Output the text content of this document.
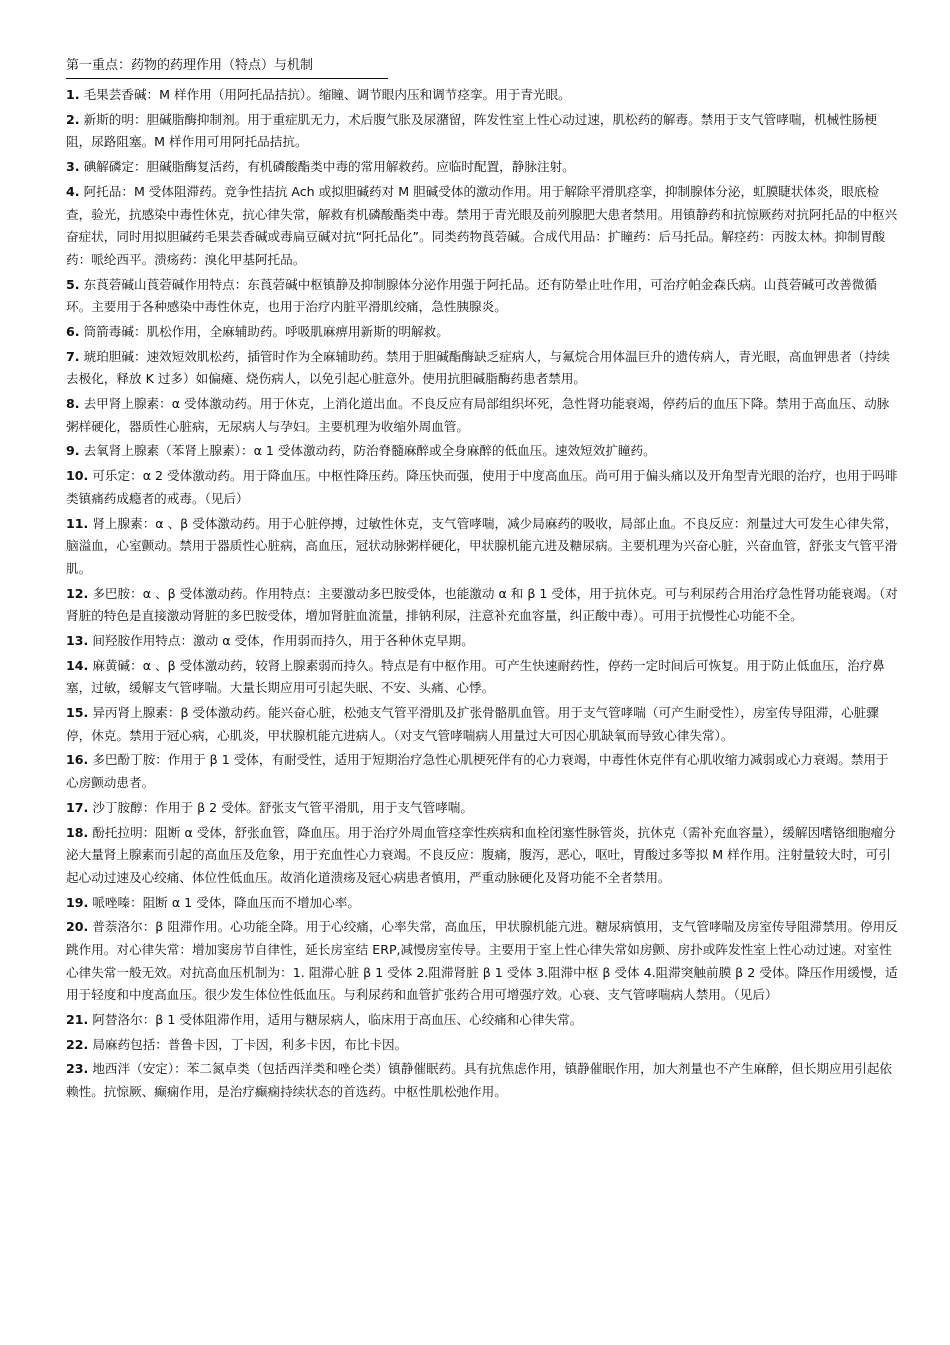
第一重点：药物的药理作用（特点）与机制
1. 毛果芸香碱：M 样作用（用阿托品拮抗）。缩瞳、调节眼内压和调节痉挛。用于青光眼。
2. 新斯的明：胆碱脂酶抑制剂。用于重症肌无力，术后腹气胀及尿潴留，阵发性室上性心动过速，肌松药的解毒。禁用于支气管哮喘，机械性肠梗阻，尿路阻塞。M 样作用可用阿托品拮抗。
3. 碘解磷定：胆碱脂酶复活药，有机磷酸酯类中毒的常用解救药。应临时配置，静脉注射。
4. 阿托品：M 受体阻滞药。竞争性拮抗 Ach 或拟胆碱药对 M 胆碱受体的激动作用。用于解除平滑肌痉挛，抑制腺体分泌，虹膜睫状体炎，眼底检查，验光，抗感染中毒性休克，抗心律失常，解救有机磷酸酯类中毒。禁用于青光眼及前列腺肥大患者禁用。用镇静药和抗惊厥药对抗阿托品的中枢兴奋症状，同时用拟胆碱药毛果芸香碱或毒扁豆碱对抗“阿托品化”。同类药物莨菪碱。合成代用品：扩瞳药：后马托品。解痉药：丙胺太林。抑制胃酸药：哌纶西平。溃疡药：溴化甲基阿托品。
5. 东莨菪碱山莨菪碱作用特点：东莨菪碱中枢镇静及抑制腺体分泌作用强于阿托品。还有防晕止吐作用，可治疗帕金森氏病。山莨菪碱可改善微循环。主要用于各种感染中毒性休克，也用于治疗内脏平滑肌绞痛，急性胰腺炎。
6. 筒箭毒碱：肌松作用，全麻辅助药。呼吸肌麻痹用新斯的明解救。
7. 琥珀胆碱：速效短效肌松药，插管时作为全麻辅助药。禁用于胆碱酯酶缺乏症病人，与氟烷合用体温巨升的遗传病人，青光眼，高血钾患者（持续去极化，释放 K 过多）如偏瘫、烧伤病人，以免引起心脏意外。使用抗胆碱脂酶药患者禁用。
8. 去甲肾上腺素：α 受体激动药。用于休克，上消化道出血。不良反应有局部组织坏死，急性肾功能衰竭，停药后的血压下降。禁用于高血压、动脉粥样硬化，器质性心脏病，无尿病人与孕妇。主要机理为收缩外周血管。
9. 去氧肾上腺素（苯肾上腺素）：α 1 受体激动药，防治脊髓麻醉或全身麻醉的低血压。速效短效扩瞳药。
10. 可乐定：α 2 受体激动药。用于降血压。中枢性降压药。降压快而强，使用于中度高血压。尚可用于偏头痛以及开角型青光眼的治疗，也用于吗啡类镇痛药成瘾者的戒毒。（见后）
11. 肾上腺素：α 、β 受体激动药。用于心脏停搏，过敏性休克，支气管哮喘，减少局麻药的吸收，局部止血。不良反应：剂量过大可发生心律失常，脑溢血，心室颤动。禁用于器质性心脏病，高血压，冠状动脉粥样硬化，甲状腺机能亢进及糖尿病。主要机理为兴奋心脏，兴奋血管，舒张支气管平滑肌。
12. 多巴胺：α 、β 受体激动药。作用特点：主要激动多巴胺受体，也能激动 α 和 β 1 受体，用于抗休克。可与利尿药合用治疗急性肾功能衰竭。（对肾脏的特色是直接激动肾脏的多巴胺受体，增加肾脏血流量，排钠利尿，注意补充血容量，纠正酸中毒）。可用于抗慢性心功能不全。
13. 间羟胺作用特点：激动 α 受体，作用弱而持久，用于各种休克早期。
14. 麻黄碱：α 、β 受体激动药，较肾上腺素弱而持久。特点是有中枢作用。可产生快速耐药性，停药一定时间后可恢复。用于防止低血压，治疗鼻塞，过敏，缓解支气管哮喘。大量长期应用可引起失眠、不安、头痛、心悸。
15. 异丙肾上腺素：β 受体激动药。能兴奋心脏，松弛支气管平滑肌及扩张骨骼肌血管。用于支气管哮喘（可产生耐受性），房室传导阻滞，心脏骤停，休克。禁用于冠心病，心肌炎，甲状腺机能亢进病人。（对支气管哮喘病人用量过大可因心肌缺氧而导致心律失常）。
16. 多巴酚丁胺：作用于 β 1 受体，有耐受性，适用于短期治疗急性心肌梗死伴有的心力衰竭，中毒性休克伴有心肌收缩力减弱或心力衰竭。禁用于心房颤动患者。
17. 沙丁胺醇：作用于 β 2 受体。舒张支气管平滑肌，用于支气管哮喘。
18. 酚托拉明：阻断 α 受体，舒张血管，降血压。用于治疗外周血管痉挛性疾病和血栓闭塞性脉管炎，抗休克（需补充血容量），缓解因嗜铬细胞瘤分泌大量肾上腺素而引起的高血压及危象，用于充血性心力衰竭。不良反应：腹痛，腹泻，恶心，呕吐，胃酸过多等拟 M 样作用。注射量较大时，可引起心动过速及心绞痛、体位性低血压。故消化道溃疡及冠心病患者慎用，严重动脉硬化及肾功能不全者禁用。
19. 哌唑嗪：阻断 α 1 受体，降血压而不增加心率。
20. 普萘洛尔：β 阻滞作用。心功能全降。用于心绞痛，心率失常，高血压，甲状腺机能亢进。糖尿病慎用，支气管哮喘及房室传导阻滞禁用。停用反跳作用。对心律失常：增加窦房节自律性，延长房室结 ERP,减慢房室传导。主要用于室上性心律失常如房颤、房扑或阵发性室上性心动过速。对室性心律失常一般无效。对抗高血压机制为：1. 阻滞心脏 β 1 受体 2.阻滞肾脏 β 1 受体 3.阻滞中枢 β 受体 4.阻滞突触前膜 β 2 受体。降压作用缓慢，适用于轻度和中度高血压。很少发生体位性低血压。与利尿药和血管扩张药合用可增强疗效。心衰、支气管哮喘病人禁用。（见后）
21. 阿替洛尔：β 1 受体阻滞作用，适用与糖尿病人，临床用于高血压、心绞痛和心律失常。
22. 局麻药包括：普鲁卡因，丁卡因，利多卡因，布比卡因。
23. 地西泮（安定）：苯二氮卓类（包括西洋类和唑仑类）镇静催眠药。具有抗焦虑作用，镇静催眠作用，加大剂量也不产生麻醉，但长期应用引起依赖性。抗惊厥、癫痫作用，是治疗癫痫持续状态的首选药。中枢性肌松弛作用。
